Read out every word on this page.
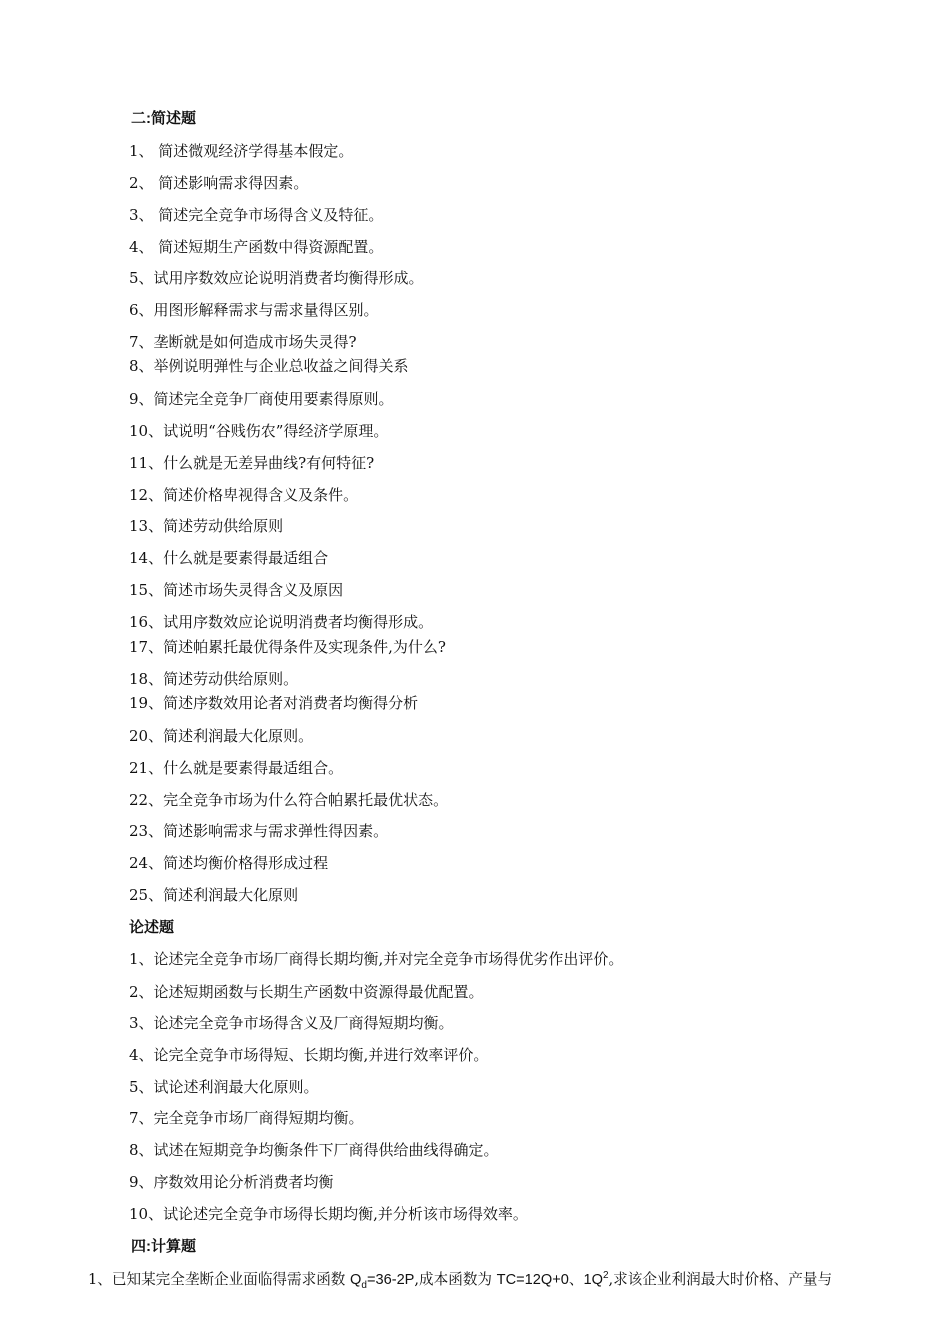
二:简述题
1、 简述微观经济学得基本假定。
2、 简述影响需求得因素。
3、 简述完全竞争市场得含义及特征。
4、 简述短期生产函数中得资源配置。
5、试用序数效应论说明消费者均衡得形成。
6、用图形解释需求与需求量得区别。
7、垄断就是如何造成市场失灵得?
8、举例说明弹性与企业总收益之间得关系
9、简述完全竞争厂商使用要素得原则。
10、试说明“谷贱伤农”得经济学原理。
11、什么就是无差异曲线?有何特征?
12、简述价格卑视得含义及条件。
13、简述劳动供给原则
14、什么就是要素得最适组合
15、简述市场失灵得含义及原因
16、试用序数效应论说明消费者均衡得形成。
17、简述帕累托最优得条件及实现条件,为什么?
18、简述劳动供给原则。
19、简述序数效用论者对消费者均衡得分析
20、简述利润最大化原则。
21、什么就是要素得最适组合。
22、完全竞争市场为什么符合帕累托最优状态。
23、简述影响需求与需求弹性得因素。
24、简述均衡价格得形成过程
25、简述利润最大化原则
论述题
1、论述完全竞争市场厂商得长期均衡,并对完全竞争市场得优劣作出评价。
2、论述短期函数与长期生产函数中资源得最优配置。
3、论述完全竞争市场得含义及厂商得短期均衡。
4、论完全竞争市场得短、长期均衡,并进行效率评价。
5、试论述利润最大化原则。
7、完全竞争市场厂商得短期均衡。
8、试述在短期竞争均衡条件下厂商得供给曲线得确定。
9、序数效用论分析消费者均衡
10、试论述完全竞争市场得长期均衡,并分析该市场得效率。
四:计算题
1、已知某完全垄断企业面临得需求函数 $Q_d=36-2P$,成本函数为 TC=12Q+0、$1Q^2$,求该企业利润最大时价格、产量与
